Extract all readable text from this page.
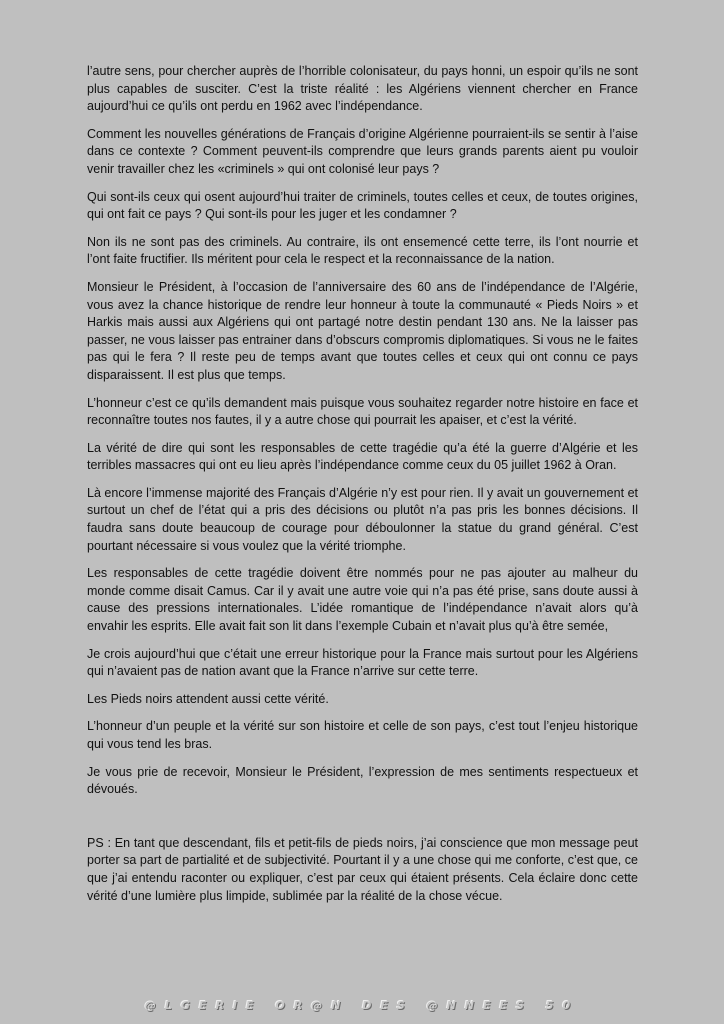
l’autre sens, pour chercher auprès de l’horrible colonisateur, du pays honni, un espoir qu’ils ne sont plus capables de susciter. C’est la triste réalité : les Algériens viennent chercher en France aujourd’hui ce qu’ils ont perdu en 1962 avec l’indépendance.

Comment les nouvelles générations de Français d’origine Algérienne pourraient-ils se sentir à l’aise dans ce contexte ? Comment peuvent-ils comprendre que leurs grands parents aient pu vouloir venir travailler chez les «criminels » qui ont colonisé leur pays ?

Qui sont-ils ceux qui osent aujourd’hui traiter de criminels, toutes celles et ceux, de toutes origines, qui ont fait ce pays ? Qui sont-ils pour les juger et les condamner ?

Non ils ne sont pas des criminels. Au contraire, ils ont ensemencé cette terre, ils l’ont nourrie et l’ont faite fructifier. Ils méritent pour cela le respect et la reconnaissance de la nation.

Monsieur le Président, à l’occasion de l’anniversaire des 60 ans de l’indépendance de l’Algérie, vous avez la chance historique de rendre leur honneur à toute la communauté « Pieds Noirs » et Harkis mais aussi aux Algériens qui ont partagé notre destin pendant 130 ans. Ne la laisser pas passer, ne vous laisser pas entrainer dans d’obscurs compromis diplomatiques. Si vous ne le faites pas qui le fera ? Il reste peu de temps avant que toutes celles et ceux qui ont connu ce pays disparaissent. Il est plus que temps.

L’honneur c’est ce qu’ils demandent mais puisque vous souhaitez regarder notre histoire en face et reconnaître toutes nos fautes, il y a autre chose qui pourrait les apaiser, et c’est la vérité.

La vérité de dire qui sont les responsables de cette tragédie qu’a été la guerre d’Algérie et les terribles massacres qui ont eu lieu après l’indépendance comme ceux du 05 juillet 1962 à Oran.

Là encore l’immense majorité des Français d’Algérie n’y est pour rien. Il y avait un gouvernement et surtout un chef de l’état qui a pris des décisions ou plutôt n’a pas pris les bonnes décisions. Il faudra sans doute beaucoup de courage pour déboulonner la statue du grand général. C’est pourtant nécessaire si vous voulez que la vérité triomphe.

Les responsables de cette tragédie doivent être nommés pour ne pas ajouter au malheur du monde comme disait Camus. Car il y avait une autre voie qui n’a pas été prise, sans doute aussi à cause des pressions internationales. L’idée romantique de l’indépendance n’avait alors qu’à envahir les esprits. Elle avait fait son lit dans l’exemple Cubain et n’avait plus qu’à être semée,

Je crois aujourd’hui que c’était une erreur historique pour la France mais surtout pour les Algériens qui n’avaient pas de nation avant que la France n’arrive sur cette terre.

Les Pieds noirs attendent aussi cette vérité.

L’honneur d’un peuple et la vérité sur son histoire et celle de son pays, c’est tout l’enjeu historique qui vous tend les bras.

Je vous prie de recevoir, Monsieur le Président, l’expression de mes sentiments respectueux et dévoués.

PS : En tant que descendant, fils et petit-fils de pieds noirs, j’ai conscience que mon message peut porter sa part de partialité et de subjectivité. Pourtant il y a une chose qui me conforte, c’est que, ce que j’ai entendu raconter ou expliquer, c’est par ceux qui étaient présents. Cela éclaire donc cette vérité d’une lumière plus limpide, sublimée par la réalité de la chose vécue.

@LGERIE OR@N DES @NNEES 50
